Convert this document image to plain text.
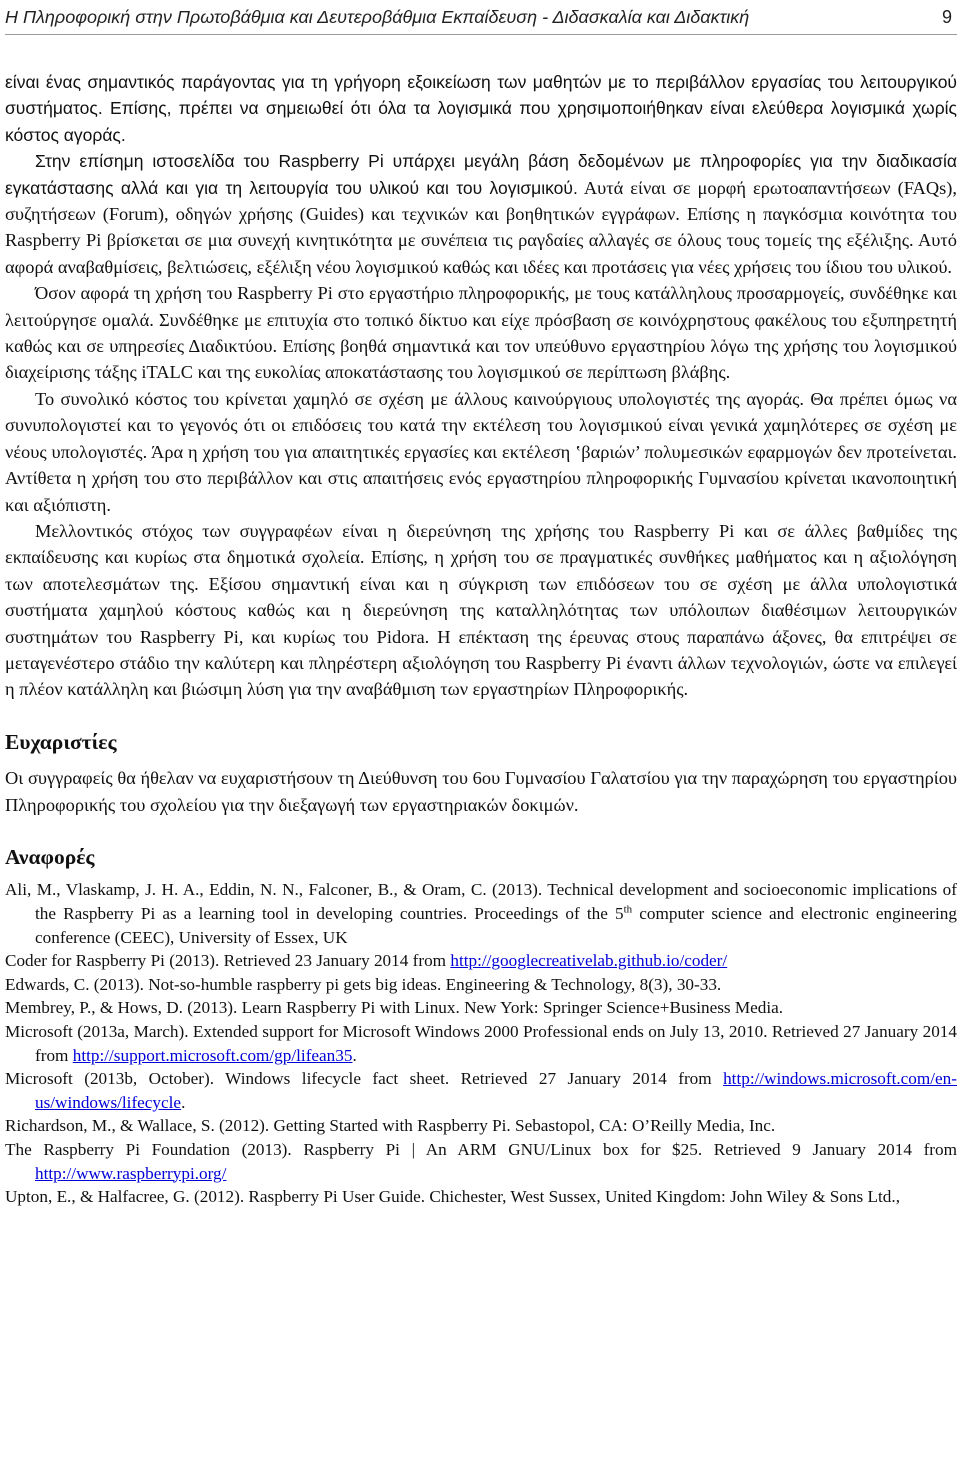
Η Πληροφορική στην Πρωτοβάθμια και Δευτεροβάθμια Εκπαίδευση - Διδασκαλία και Διδακτική	9

είναι ένας σημαντικός παράγοντας για τη γρήγορη εξοικείωση των μαθητών με το περιβάλλον εργασίας του λειτουργικού συστήματος. Επίσης, πρέπει να σημειωθεί ότι όλα τα λογισμικά που χρησιμοποιήθηκαν είναι ελεύθερα λογισμικά χωρίς κόστος αγοράς.

Στην επίσημη ιστοσελίδα του Raspberry Pi υπάρχει μεγάλη βάση δεδομένων με πληροφορίες για την διαδικασία εγκατάστασης αλλά και για τη λειτουργία του υλικού και του λογισμικού. Αυτά είναι σε μορφή ερωτοαπαντήσεων (FAQs), συζητήσεων (Forum), οδηγών χρήσης (Guides) και τεχνικών και βοηθητικών εγγράφων. Επίσης η παγκόσμια κοινότητα του Raspberry Pi βρίσκεται σε μια συνεχή κινητικότητα με συνέπεια τις ραγδαίες αλλαγές σε όλους τους τομείς της εξέλιξης. Αυτό αφορά αναβαθμίσεις, βελτιώσεις, εξέλιξη νέου λογισμικού καθώς και ιδέες και προτάσεις για νέες χρήσεις του ίδιου του υλικού.

Όσον αφορά τη χρήση του Raspberry Pi στο εργαστήριο πληροφορικής, με τους κατάλληλους προσαρμογείς, συνδέθηκε και λειτούργησε ομαλά. Συνδέθηκε με επιτυχία στο τοπικό δίκτυο και είχε πρόσβαση σε κοινόχρηστους φακέλους του εξυπηρετητή καθώς και σε υπηρεσίες Διαδικτύου. Επίσης βοηθά σημαντικά και τον υπεύθυνο εργαστηρίου λόγω της χρήσης του λογισμικού διαχείρισης τάξης iTALC και της ευκολίας αποκατάστασης του λογισμικού σε περίπτωση βλάβης.

Το συνολικό κόστος του κρίνεται χαμηλό σε σχέση με άλλους καινούργιους υπολογιστές της αγοράς. Θα πρέπει όμως να συνυπολογιστεί και το γεγονός ότι οι επιδόσεις του κατά την εκτέλεση του λογισμικού είναι γενικά χαμηλότερες σε σχέση με νέους υπολογιστές. Άρα η χρήση του για απαιτητικές εργασίες και εκτέλεση ‛βαριών’ πολυμεσικών εφαρμογών δεν προτείνεται. Αντίθετα η χρήση του στο περιβάλλον και στις απαιτήσεις ενός εργαστηρίου πληροφορικής Γυμνασίου κρίνεται ικανοποιητική και αξιόπιστη.

Μελλοντικός στόχος των συγγραφέων είναι η διερεύνηση της χρήσης του Raspberry Pi και σε άλλες βαθμίδες της εκπαίδευσης και κυρίως στα δημοτικά σχολεία. Επίσης, η χρήση του σε πραγματικές συνθήκες μαθήματος και η αξιολόγηση των αποτελεσμάτων της. Εξίσου σημαντική είναι και η σύγκριση των επιδόσεων του σε σχέση με άλλα υπολογιστικά συστήματα χαμηλού κόστους καθώς και η διερεύνηση της καταλληλότητας των υπόλοιπων διαθέσιμων λειτουργικών συστημάτων του Raspberry Pi, και κυρίως του Pidora. Η επέκταση της έρευνας στους παραπάνω άξονες, θα επιτρέψει σε μεταγενέστερο στάδιο την καλύτερη και πληρέστερη αξιολόγηση του Raspberry Pi έναντι άλλων τεχνολογιών, ώστε να επιλεγεί η πλέον κατάλληλη και βιώσιμη λύση για την αναβάθμιση των εργαστηρίων Πληροφορικής.

Ευχαριστίες

Οι συγγραφείς θα ήθελαν να ευχαριστήσουν τη Διεύθυνση του 6ου Γυμνασίου Γαλατσίου για την παραχώρηση του εργαστηρίου Πληροφορικής του σχολείου για την διεξαγωγή των εργαστηριακών δοκιμών.

Αναφορές
Ali, M., Vlaskamp, J. H. A., Eddin, N. N., Falconer, B., & Oram, C. (2013). Technical development and socioeconomic implications of the Raspberry Pi as a learning tool in developing countries. Proceedings of the 5th computer science and electronic engineering conference (CEEC), University of Essex, UK
Coder for Raspberry Pi (2013). Retrieved 23 January 2014 from http://googlecreativelab.github.io/coder/
Edwards, C. (2013). Not-so-humble raspberry pi gets big ideas. Engineering & Technology, 8(3), 30-33.
Membrey, P., & Hows, D. (2013). Learn Raspberry Pi with Linux. New York: Springer Science+Business Media.
Microsoft (2013a, March). Extended support for Microsoft Windows 2000 Professional ends on July 13, 2010. Retrieved 27 January 2014 from http://support.microsoft.com/gp/lifean35.
Microsoft (2013b, October). Windows lifecycle fact sheet. Retrieved 27 January 2014 from http://windows.microsoft.com/en-us/windows/lifecycle.
Richardson, M., & Wallace, S. (2012). Getting Started with Raspberry Pi. Sebastopol, CA: O’Reilly Media, Inc.
The Raspberry Pi Foundation (2013). Raspberry Pi | An ARM GNU/Linux box for $25. Retrieved 9 January 2014 from http://www.raspberrypi.org/
Upton, E., & Halfacree, G. (2012). Raspberry Pi User Guide. Chichester, West Sussex, United Kingdom: John Wiley & Sons Ltd.,
